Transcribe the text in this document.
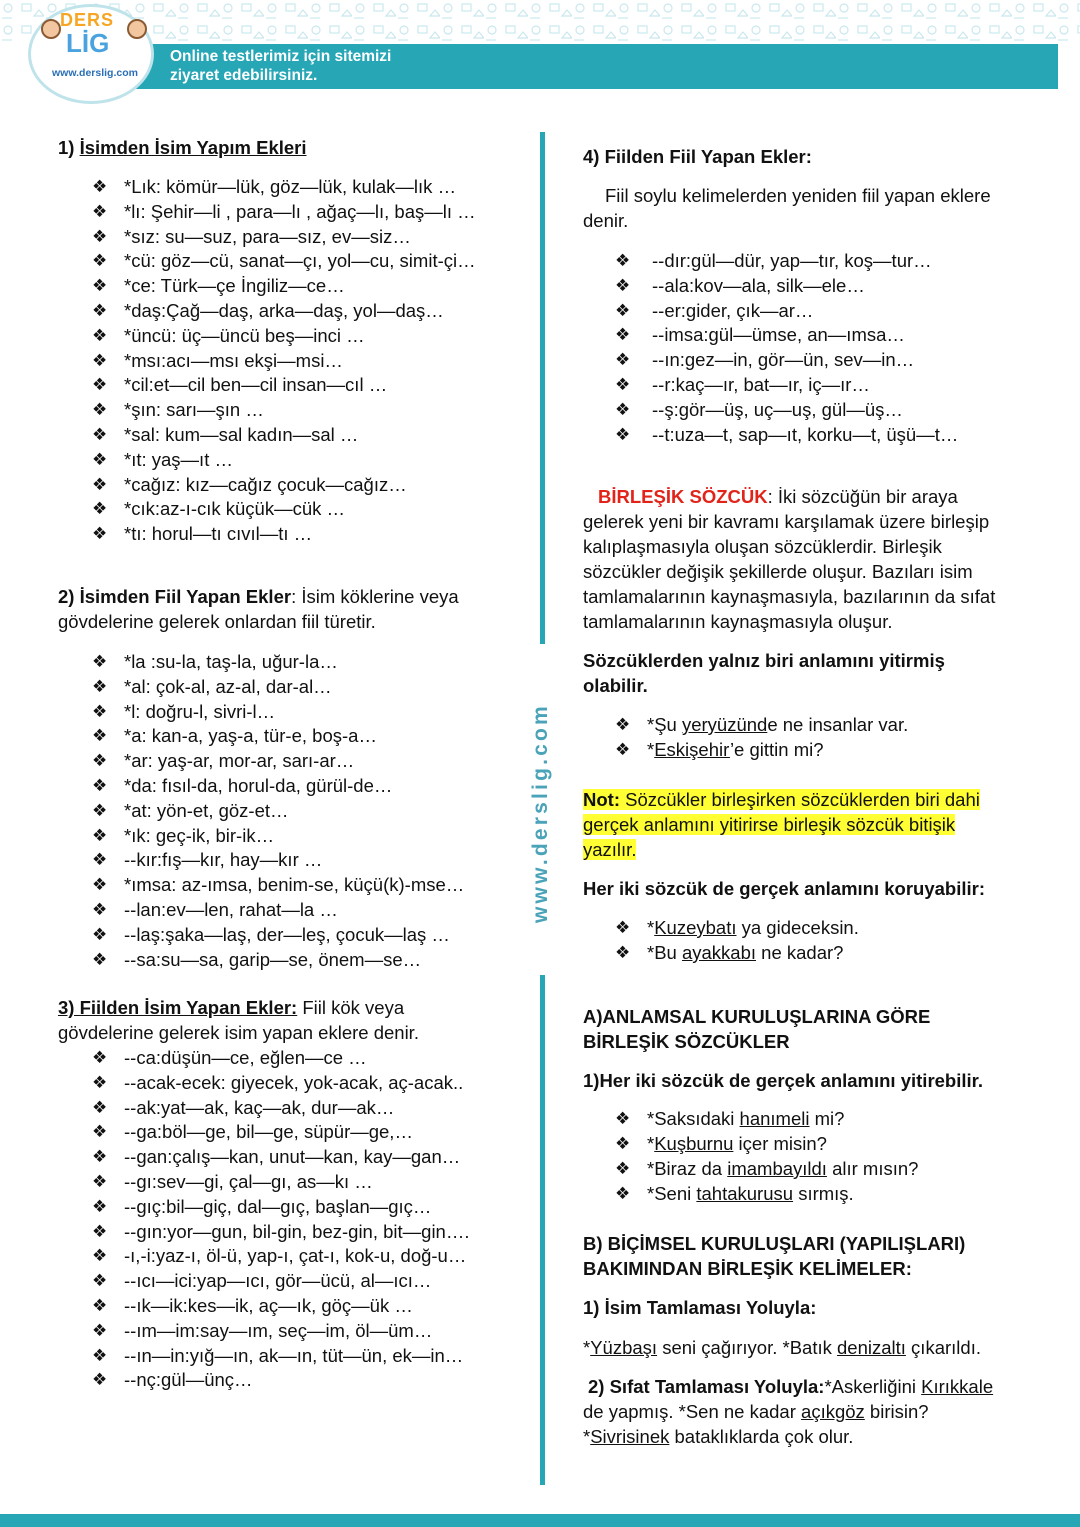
Online testlerimiz için sitemizi
ziyaret edebilirsiniz.
DERS
LİG
www.derslig.com
www.derslig.com
1) İsimden İsim Yapım Ekleri
❖ *Lık: kömür—lük, göz—lük, kulak—lık …
❖ *lı: Şehir—li , para—lı , ağaç—lı, baş—lı …
❖ *sız: su—suz, para—sız, ev—siz…
❖ *cü: göz—cü, sanat—çı, yol—cu, simit-çi…
❖ *ce: Türk—çe İngiliz—ce…
❖ *daş:Çağ—daş, arka—daş, yol—daş…
❖ *üncü: üç—üncü beş—inci …
❖ *msı:acı—msı ekşi—msi…
❖ *cil:et—cil ben—cil insan—cıl …
❖ *şın: sarı—şın …
❖ *sal: kum—sal kadın—sal …
❖ *ıt: yaş—ıt …
❖ *cağız: kız—cağız çocuk—cağız…
❖ *cık:az-ı-cık küçük—cük …
❖ *tı: horul—tı cıvıl—tı …
2) İsimden Fiil Yapan Ekler: İsim köklerine veya
gövdelerine gelerek onlardan fiil türetir.
❖ *la :su-la, taş-la, uğur-la…
❖ *al: çok-al, az-al, dar-al…
❖ *l: doğru-l, sivri-l…
❖ *a: kan-a, yaş-a, tür-e, boş-a…
❖ *ar: yaş-ar, mor-ar, sarı-ar…
❖ *da: fısıl-da, horul-da, gürül-de…
❖ *at: yön-et, göz-et…
❖ *ık: geç-ik, bir-ik…
❖ --kır:fış—kır, hay—kır …
❖ *ımsa: az-ımsa, benim-se, küçü(k)-mse…
❖ --lan:ev—len, rahat—la …
❖ --laş:şaka—laş, der—leş, çocuk—laş …
❖ --sa:su—sa, garip—se, önem—se…
3) Fiilden İsim Yapan Ekler: Fiil kök veya
gövdelerine gelerek isim yapan eklere denir.
❖ --ca:düşün—ce, eğlen—ce …
❖ --acak-ecek: giyecek, yok-acak, aç-acak..
❖ --ak:yat—ak, kaç—ak, dur—ak…
❖ --ga:böl—ge, bil—ge, süpür—ge,…
❖ --gan:çalış—kan, unut—kan, kay—gan…
❖ --gı:sev—gi, çal—gı, as—kı …
❖ --gıç:bil—giç, dal—gıç, başlan—gıç…
❖ --gın:yor—gun, bil-gin, bez-gin, bit—gin….
❖ -ı,-i:yaz-ı, öl-ü, yap-ı, çat-ı, kok-u, doğ-u…
❖ --ıcı—ici:yap—ıcı, gör—ücü, al—ıcı…
❖ --ık—ik:kes—ik, aç—ık, göç—ük …
❖ --ım—im:say—ım, seç—im, öl—üm…
❖ --ın—in:yığ—ın, ak—ın, tüt—ün, ek—in…
❖ --nç:gül—ünç…
4) Fiilden Fiil Yapan Ekler:
Fiil soylu kelimelerden yeniden fiil yapan eklere
denir.
❖ --dır:gül—dür, yap—tır, koş—tur…
❖ --ala:kov—ala, silk—ele…
❖ --er:gider, çık—ar…
❖ --imsa:gül—ümse, an—ımsa…
❖ --ın:gez—in, gör—ün, sev—in…
❖ --r:kaç—ır, bat—ır, iç—ır…
❖ --ş:gör—üş, uç—uş, gül—üş…
❖ --t:uza—t, sap—ıt, korku—t, üşü—t…
BİRLEŞİK SÖZCÜK: İki sözcüğün bir araya
gelerek yeni bir kavramı karşılamak üzere birleşip
kalıplaşmasıyla oluşan sözcüklerdir. Birleşik
sözcükler değişik şekillerde oluşur. Bazıları isim
tamlamalarının kaynaşmasıyla, bazılarının da sıfat
tamlamalarının kaynaşmasıyla oluşur.
Sözcüklerden yalnız biri anlamını yitirmiş
olabilir.
❖ *Şu yeryüzünde ne insanlar var.
❖ *Eskişehir’e gittin mi?
Not: Sözcükler birleşirken sözcüklerden biri dahi
gerçek anlamını yitirirse birleşik sözcük bitişik
yazılır.
Her iki sözcük de gerçek anlamını koruyabilir:
❖ *Kuzeybatı ya gideceksin.
❖ *Bu ayakkabı ne kadar?
A)ANLAMSAL KURULUŞLARINA GÖRE
BİRLEŞİK SÖZCÜKLER
1)Her iki sözcük de gerçek anlamını yitirebilir.
❖ *Saksıdaki hanımeli mi?
❖ *Kuşburnu içer misin?
❖ *Biraz da imambayıldı alır mısın?
❖ *Seni tahtakurusu sırmış.
B) BİÇİMSEL KURULUŞLARI (YAPILIŞLARI)
BAKIMINDAN BİRLEŞİK KELİMELER:
1) İsim Tamlaması Yoluyla:
*Yüzbaşı seni çağırıyor. *Batık denizaltı çıkarıldı.
2) Sıfat Tamlaması Yoluyla:*Askerliğini Kırıkkale
de yapmış. *Sen ne kadar açıkgöz birisin?
*Sivrisinek bataklıklarda çok olur.
